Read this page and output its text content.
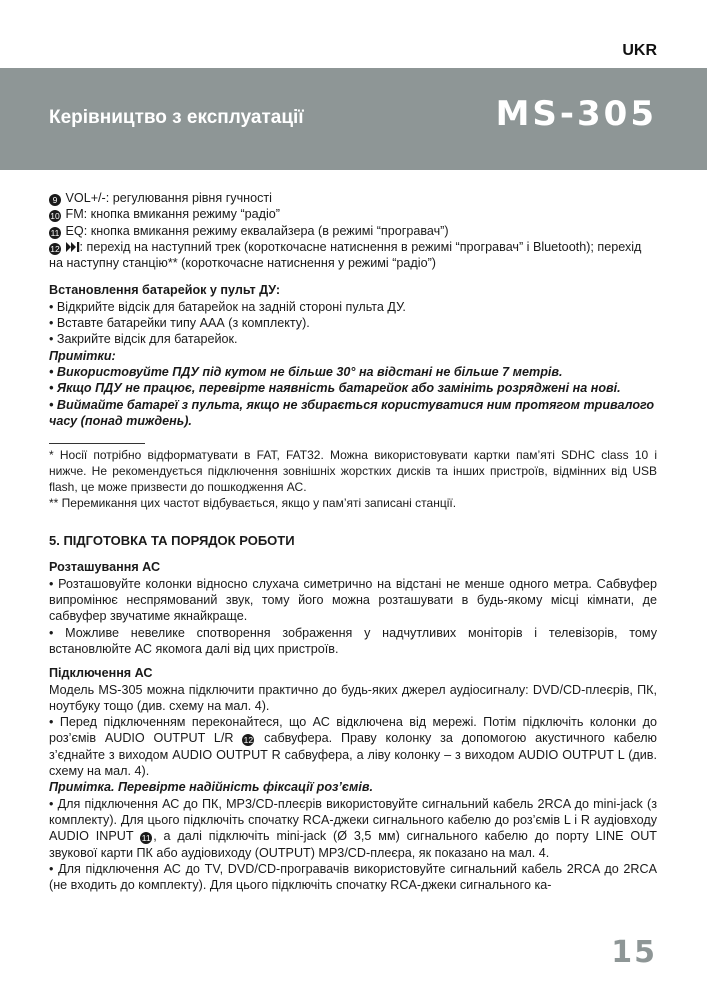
UKR
Керівництво з експлуатації	MS-305

9 VOL+/-: регулювання рівня гучності

10 FM: кнопка вмикання режиму “радіо”

11 EQ: кнопка вмикання режиму еквалайзера (в режимі “програвач”)

12 : перехід на наступний трек (короткочасне натиснення в режимі “програвач” і Bluetooth); перехід на наступну станцію** (короткочасне натиснення у режимі “радіо”)

Встановлення батарейок у пульт ДУ:

• Відкрийте відсік для батарейок на задній стороні пульта ДУ.

• Вставте батарейки типу ААА (з комплекту).

• Закрийте відсік для батарейок.

Примітки:

• Використовуйте ПДУ під кутом не більше 30° на відстані не більше 7 метрів.

• Якщо ПДУ не працює, перевірте наявність батарейок або замініть розряджені на нові.

• Виймайте батареї з пульта, якщо не збирається користуватися ним протягом тривалого часу (понад тиждень).

* Носії потрібно відформатувати в FAT, FAT32. Можна використовувати картки пам’яті SDHC class 10 і нижче. Не рекомендується підключення зовнішніх жорстких дисків та інших пристроїв, відмінних від USB flash, це може призвести до пошкодження АС.

** Перемикання цих частот відбувається, якщо у пам’яті записані станції.

5. ПІДГОТОВКА ТА ПОРЯДОК РОБОТИ

Розташування АС

• Розташовуйте колонки відносно слухача симетрично на відстані не менше одного метра. Сабвуфер випромінює неспрямований звук, тому його можна розташувати в будь-якому місці кімнати, де сабвуфер звучатиме якнайкраще.

• Можливе невелике спотворення зображення у надчутливих моніторів і телевізорів, тому встановлюйте АС якомога далі від цих пристроїв.

Підключення АС

Модель MS-305 можна підключити практично до будь-яких джерел аудіосигналу: DVD/CD-плеєрів, ПК, ноутбуку тощо (див. схему на мал. 4).

• Перед підключенням переконайтеся, що АС відключена від мережі. Потім підключіть колонки до роз’ємів AUDIO OUTPUT L/R 12 сабвуфера. Праву колонку за допомогою акустичного кабелю з’єднайте з виходом AUDIO OUTPUT R сабвуфера, а ліву колонку – з виходом AUDIO OUTPUT L (див. схему на мал. 4).

Примітка. Перевірте надійність фіксації роз’ємів.

• Для підключення АС до ПК, MP3/CD-плеєрів використовуйте сигнальний кабель 2RCA до mini-jack (з комплекту). Для цього підключіть спочатку RCA-джеки сигнального кабелю до роз’ємів L і R аудіовходу AUDIO INPUT 11 , а далі підключіть mini-jack (Ø 3,5 мм) сигнального кабелю до порту LINE OUT звукової карти ПК або аудіовиходу (OUTPUT) MP3/CD-плеєра, як показано на мал. 4.

• Для підключення АС до TV, DVD/CD-програвачів використовуйте сигнальний кабель 2RCA до 2RCA (не входить до комплекту). Для цього підключіть спочатку RCA-джеки сигнального ка-

15
